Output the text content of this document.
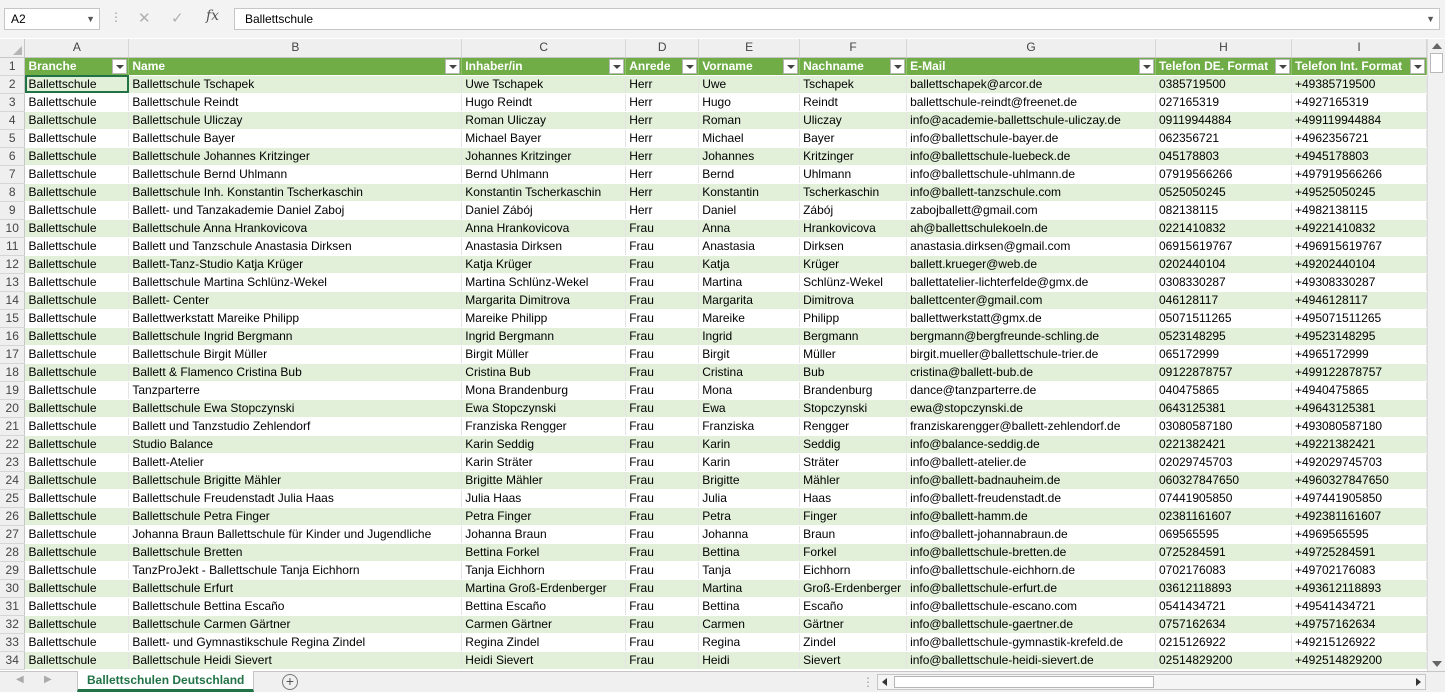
A2	▼ ⋮ ✕ ✓ fx	Ballettschule	▼
	A	B	C	D	E	F	G	H	I
1	Branche	Name	Inhaber/in	Anrede	Vorname	Nachname	E-Mail	Telefon DE. Format	Telefon Int. Format

2	Ballettschule	Ballettschule Tschapek	Uwe Tschapek	Herr	Uwe	Tschapek	ballettschapek@arcor.de	0385719500	+49385719500
3	Ballettschule	Ballettschule Reindt	Hugo Reindt	Herr	Hugo	Reindt	ballettschule-reindt@freenet.de	027165319	+4927165319
4	Ballettschule	Ballettschule Uliczay	Roman Uliczay	Herr	Roman	Uliczay	info@academie-ballettschule-uliczay.de	09119944884	+499119944884
5	Ballettschule	Ballettschule Bayer	Michael Bayer	Herr	Michael	Bayer	info@ballettschule-bayer.de	062356721	+4962356721
6	Ballettschule	Ballettschule Johannes Kritzinger	Johannes Kritzinger	Herr	Johannes	Kritzinger	info@ballettschule-luebeck.de	045178803	+4945178803
7	Ballettschule	Ballettschule Bernd Uhlmann	Bernd Uhlmann	Herr	Bernd	Uhlmann	info@ballettschule-uhlmann.de	07919566266	+497919566266
8	Ballettschule	Ballettschule Inh. Konstantin Tscherkaschin	Konstantin Tscherkaschin	Herr	Konstantin	Tscherkaschin	info@ballett-tanzschule.com	0525050245	+49525050245
9	Ballettschule	Ballett- und Tanzakademie Daniel Zaboj	Daniel Zábój	Herr	Daniel	Zábój	zabojballett@gmail.com	082138115	+4982138115
10	Ballettschule	Ballettschule Anna Hrankovicova	Anna Hrankovicova	Frau	Anna	Hrankovicova	ah@ballettschulekoeln.de	0221410832	+49221410832
11	Ballettschule	Ballett und Tanzschule Anastasia Dirksen	Anastasia Dirksen	Frau	Anastasia	Dirksen	anastasia.dirksen@gmail.com	06915619767	+496915619767
12	Ballettschule	Ballett-Tanz-Studio Katja Krüger	Katja Krüger	Frau	Katja	Krüger	ballett.krueger@web.de	0202440104	+49202440104
13	Ballettschule	Ballettschule Martina Schlünz-Wekel	Martina Schlünz-Wekel	Frau	Martina	Schlünz-Wekel	ballettatelier-lichterfelde@gmx.de	0308330287	+49308330287
14	Ballettschule	Ballett- Center	Margarita Dimitrova	Frau	Margarita	Dimitrova	ballettcenter@gmail.com	046128117	+4946128117
15	Ballettschule	Ballettwerkstatt Mareike Philipp	Mareike Philipp	Frau	Mareike	Philipp	ballettwerkstatt@gmx.de	05071511265	+495071511265
16	Ballettschule	Ballettschule Ingrid Bergmann	Ingrid Bergmann	Frau	Ingrid	Bergmann	bergmann@bergfreunde-schling.de	0523148295	+49523148295
17	Ballettschule	Ballettschule Birgit Müller	Birgit Müller	Frau	Birgit	Müller	birgit.mueller@ballettschule-trier.de	065172999	+4965172999
18	Ballettschule	Ballett & Flamenco Cristina Bub	Cristina Bub	Frau	Cristina	Bub	cristina@ballett-bub.de	09122878757	+499122878757
19	Ballettschule	Tanzparterre	Mona Brandenburg	Frau	Mona	Brandenburg	dance@tanzparterre.de	040475865	+4940475865
20	Ballettschule	Ballettschule Ewa Stopczynski	Ewa Stopczynski	Frau	Ewa	Stopczynski	ewa@stopczynski.de	0643125381	+49643125381
21	Ballettschule	Ballett und Tanzstudio Zehlendorf	Franziska Rengger	Frau	Franziska	Rengger	franziskarengger@ballett-zehlendorf.de	03080587180	+493080587180
22	Ballettschule	Studio Balance	Karin Seddig	Frau	Karin	Seddig	info@balance-seddig.de	0221382421	+49221382421
23	Ballettschule	Ballett-Atelier	Karin Sträter	Frau	Karin	Sträter	info@ballett-atelier.de	02029745703	+492029745703
24	Ballettschule	Ballettschule Brigitte Mähler	Brigitte Mähler	Frau	Brigitte	Mähler	info@ballett-badnauheim.de	060327847650	+4960327847650
25	Ballettschule	Ballettschule Freudenstadt Julia Haas	Julia Haas	Frau	Julia	Haas	info@ballett-freudenstadt.de	07441905850	+497441905850
26	Ballettschule	Ballettschule Petra Finger	Petra Finger	Frau	Petra	Finger	info@ballett-hamm.de	02381161607	+492381161607
27	Ballettschule	Johanna Braun Ballettschule für Kinder und Jugendliche	Johanna Braun	Frau	Johanna	Braun	info@ballett-johannabraun.de	069565595	+4969565595
28	Ballettschule	Ballettschule Bretten	Bettina Forkel	Frau	Bettina	Forkel	info@ballettschule-bretten.de	0725284591	+49725284591
29	Ballettschule	TanzProJekt - Ballettschule Tanja Eichhorn	Tanja Eichhorn	Frau	Tanja	Eichhorn	info@ballettschule-eichhorn.de	0702176083	+49702176083
30	Ballettschule	Ballettschule Erfurt	Martina Groß-Erdenberger	Frau	Martina	Groß-Erdenberger	info@ballettschule-erfurt.de	03612118893	+493612118893
31	Ballettschule	Ballettschule Bettina Escaño	Bettina Escaño	Frau	Bettina	Escaño	info@ballettschule-escano.com	0541434721	+49541434721
32	Ballettschule	Ballettschule Carmen Gärtner	Carmen Gärtner	Frau	Carmen	Gärtner	info@ballettschule-gaertner.de	0757162634	+49757162634
33	Ballettschule	Ballett- und Gymnastikschule Regina Zindel	Regina Zindel	Frau	Regina	Zindel	info@ballettschule-gymnastik-krefeld.de	0215126922	+49215126922
34	Ballettschule	Ballettschule Heidi Sievert	Heidi Sievert	Frau	Heidi	Sievert	info@ballettschule-heidi-sievert.de	02514829200	+492514829200
◀ ▶	Ballettschulen Deutschland	+	⋮
